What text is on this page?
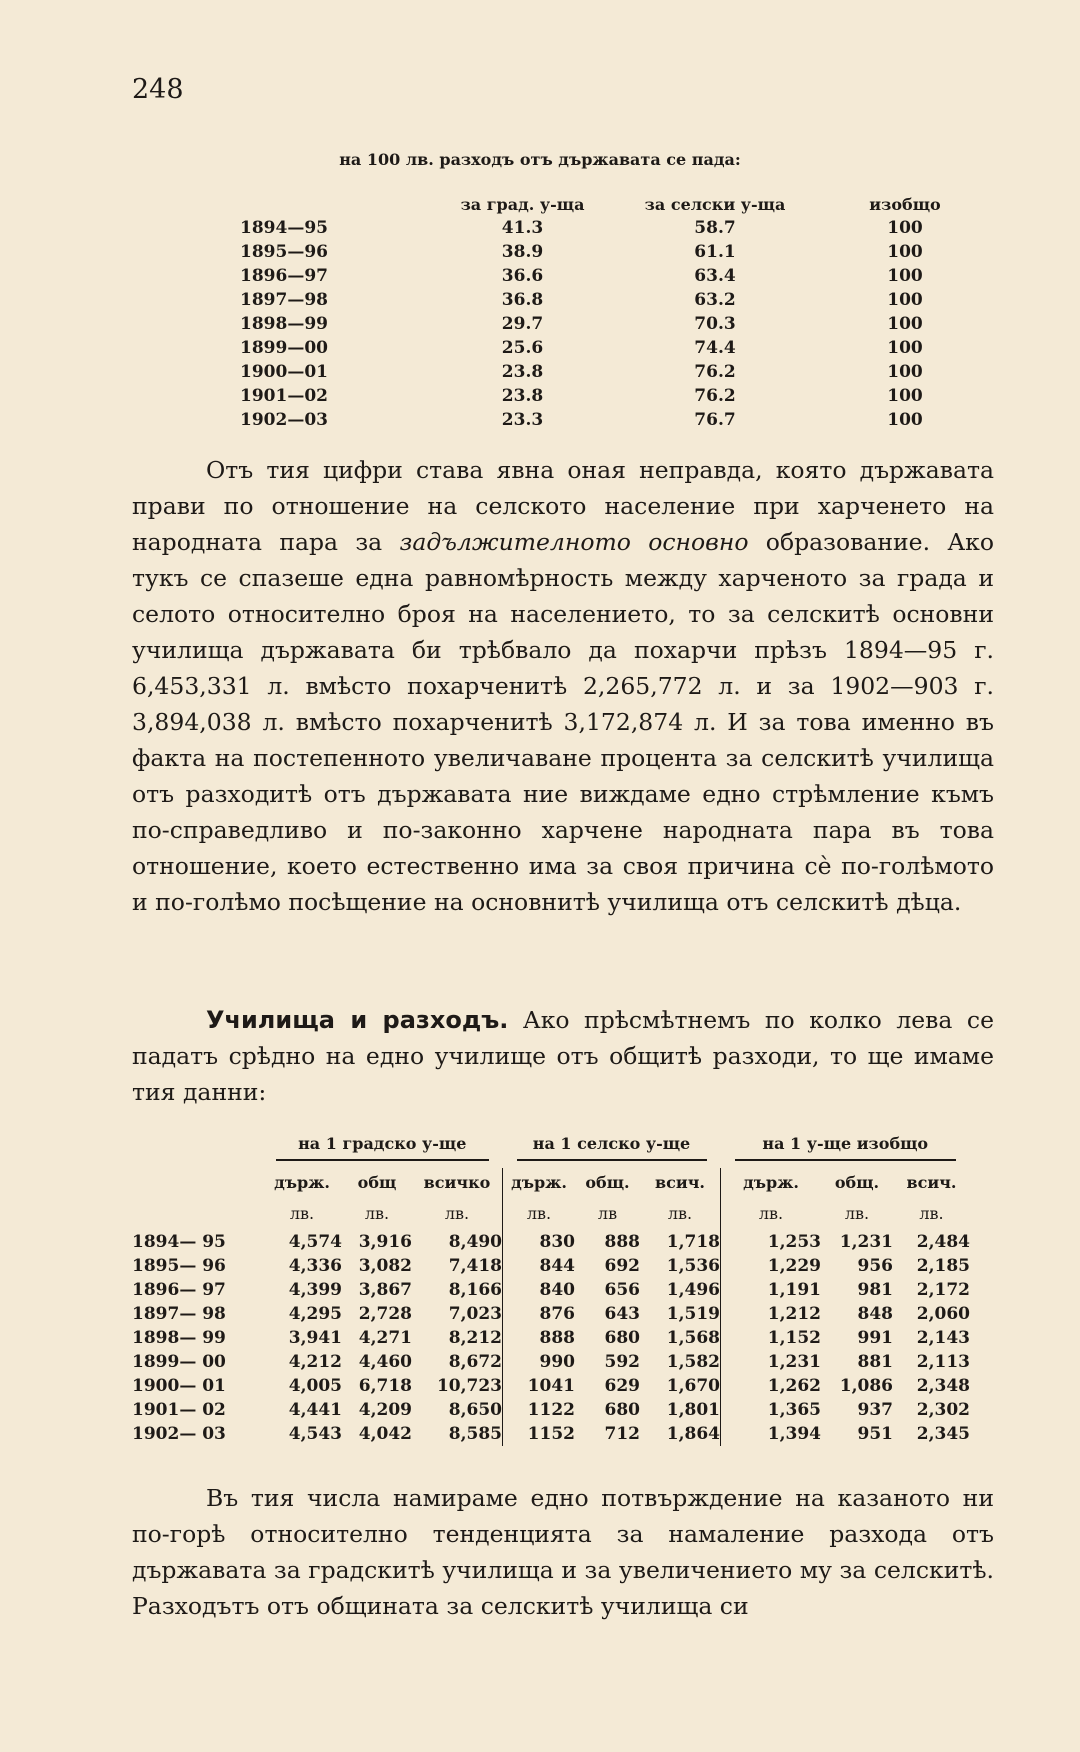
248
на 100 лв. разходъ отъ държавата се пада:
	за град. у-ща	за селски у-ща	изобщо
1894—95	41.3	58.7	100
1895—96	38.9	61.1	100
1896—97	36.6	63.4	100
1897—98	36.8	63.2	100
1898—99	29.7	70.3	100
1899—00	25.6	74.4	100
1900—01	23.8	76.2	100
1901—02	23.8	76.2	100
1902—03	23.3	76.7	100

Отъ тия цифри става явна оная неправда, която държавата прави по отношение на селското население при харченето на народната пара за задължителното основно образование. Ако тукъ се спазеше една равномѣрность между харченото за града и селото относително броя на населението, то за селскитѣ основни училища държавата би трѣбвало да похарчи прѣзъ 1894—95 г. 6,453,331 л. вмѣсто похарченитѣ 2,265,772 л. и за 1902—903 г. 3,894,038 л. вмѣсто похарченитѣ 3,172,874 л. И за това именно въ факта на постепенното увеличаване процента за селскитѣ училища отъ разходитѣ отъ държавата ние виждаме едно стрѣмление къмъ по-справедливо и по-законно харчене народната пара въ това отношение, което естественно има за своя причина сѐ по-голѣмото и по-голѣмо посѣщение на основнитѣ училища отъ селскитѣ дѣца.

Училища и разходъ. Ако прѣсмѣтнемъ по колко лева се падатъ срѣдно на едно училище отъ общитѣ разходи, то ще имаме тия данни:

	на 1 градско у-ще			на 1 селско у-ще			на 1 у-ще изобщо		

	държ.	общ	всичко	държ.	общ.	всич.	държ.	общ.	всич.
	лв.	лв.	лв.	лв.	лв	лв.	лв.	лв.	лв.
1894— 95	4,574	3,916	8,490	830	888	1,718	1,253	1,231	2,484
1895— 96	4,336	3,082	7,418	844	692	1,536	1,229	956	2,185
1896— 97	4,399	3,867	8,166	840	656	1,496	1,191	981	2,172
1897— 98	4,295	2,728	7,023	876	643	1,519	1,212	848	2,060
1898— 99	3,941	4,271	8,212	888	680	1,568	1,152	991	2,143
1899— 00	4,212	4,460	8,672	990	592	1,582	1,231	881	2,113
1900— 01	4,005	6,718	10,723	1041	629	1,670	1,262	1,086	2,348
1901— 02	4,441	4,209	8,650	1122	680	1,801	1,365	937	2,302
1902— 03	4,543	4,042	8,585	1152	712	1,864	1,394	951	2,345

Въ тия числа намираме едно потвърждение на казаното ни по-горѣ относително тенденцията за намаление разхода отъ държавата за градскитѣ училища и за увеличението му за селскитѣ. Разходътъ отъ общината за селскитѣ училища си
